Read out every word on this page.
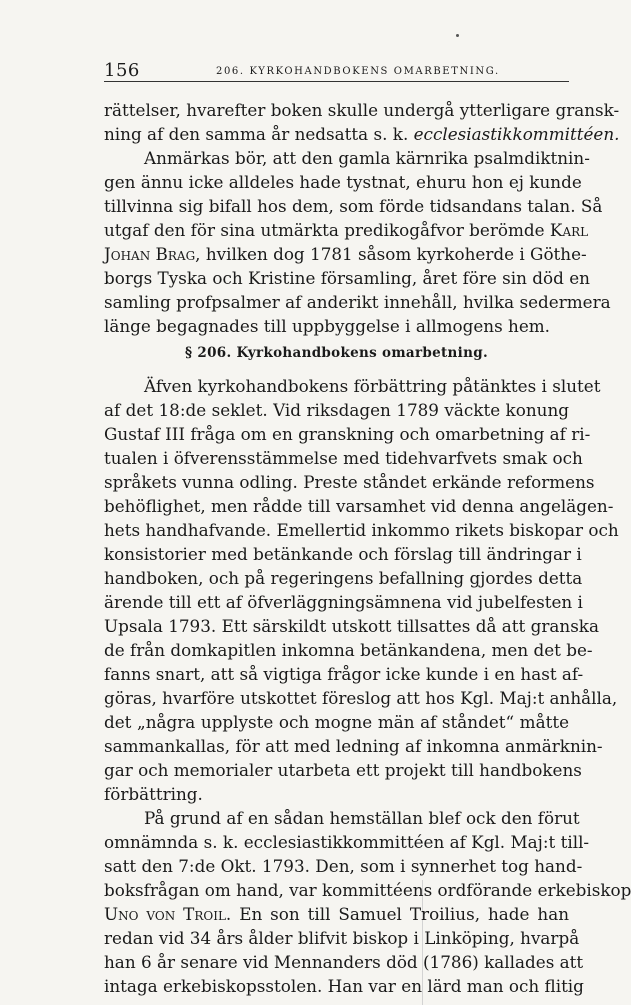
156	206. KYRKOHANDBOKENS OMARBETNING.
rättelser, hvarefter boken skulle undergå ytterligare gransk-
ning af den samma år nedsatta s. k. ecclesiastikkommittéen.
Anmärkas bör, att den gamla kärnrika psalmdiktnin-
gen ännu icke alldeles hade tystnat, ehuru hon ej kunde
tillvinna sig bifall hos dem, som förde tidsandans talan. Så
utgaf den för sina utmärkta predikogåfvor berömde Karl
Johan Brag, hvilken dog 1781 såsom kyrkoherde i Göthe-
borgs Tyska och Kristine församling, året före sin död en
samling profpsalmer af anderikt innehåll, hvilka sedermera
länge begagnades till uppbyggelse i allmogens hem.
§ 206. Kyrkohandbokens omarbetning.
Äfven kyrkohandbokens förbättring påtänktes i slutet
af det 18:de seklet. Vid riksdagen 1789 väckte konung
Gustaf III fråga om en granskning och omarbetning af ri-
tualen i öfverensstämmelse med tidehvarfvets smak och
språkets vunna odling. Preste ståndet erkände reformens
behöflighet, men rådde till varsamhet vid denna angelägen-
hets handhafvande. Emellertid inkommo rikets biskopar och
konsistorier med betänkande och förslag till ändringar i
handboken, och på regeringens befallning gjordes detta
ärende till ett af öfverläggningsämnena vid jubelfesten i
Upsala 1793. Ett särskildt utskott tillsattes då att granska
de från domkapitlen inkomna betänkandena, men det be-
fanns snart, att så vigtiga frågor icke kunde i en hast af-
göras, hvarföre utskottet föreslog att hos Kgl. Maj:t anhålla,
det „några upplyste och mogne män af ståndet“ måtte
sammankallas, för att med ledning af inkomna anmärknin-
gar och memorialer utarbeta ett projekt till handbokens
förbättring.
På grund af en sådan hemställan blef ock den förut
omnämnda s. k. ecclesiastikkommittéen af Kgl. Maj:t till-
satt den 7:de Okt. 1793. Den, som i synnerhet tog hand-
boksfrågan om hand, var kommittéens ordförande erkebiskop
Uno von Troil. En son till Samuel Troilius, hade han
redan vid 34 års ålder blifvit biskop i Linköping, hvarpå
han 6 år senare vid Mennanders död (1786) kallades att
intaga erkebiskopsstolen. Han var en lärd man och flitig
